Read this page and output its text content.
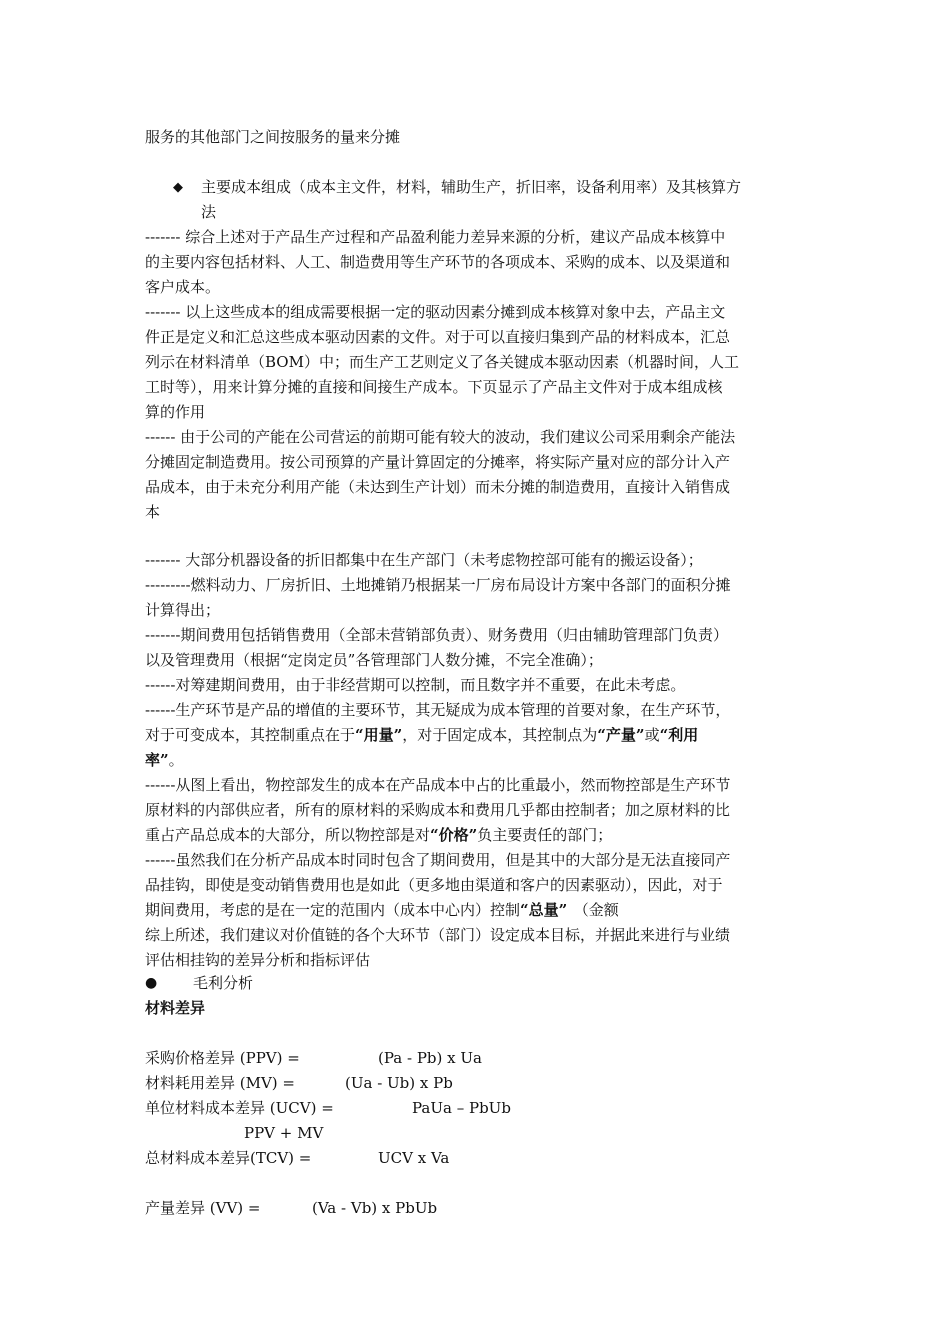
服务的其他部门之间按服务的量来分摊
◆ 主要成本组成（成本主文件，材料，辅助生产，折旧率，设备利用率）及其核算方
法
------- 综合上述对于产品生产过程和产品盈利能力差异来源的分析，建议产品成本核算中
的主要内容包括材料、人工、制造费用等生产环节的各项成本、采购的成本、以及渠道和
客户成本。
------- 以上这些成本的组成需要根据一定的驱动因素分摊到成本核算对象中去，产品主文
件正是定义和汇总这些成本驱动因素的文件。对于可以直接归集到产品的材料成本，汇总
列示在材料清单（BOM）中；而生产工艺则定义了各关键成本驱动因素（机器时间，人工
工时等），用来计算分摊的直接和间接生产成本。下页显示了产品主文件对于成本组成核
算的作用
------ 由于公司的产能在公司营运的前期可能有较大的波动，我们建议公司采用剩余产能法
分摊固定制造费用。按公司预算的产量计算固定的分摊率，将实际产量对应的部分计入产
品成本，由于未充分利用产能（未达到生产计划）而未分摊的制造费用，直接计入销售成
本
------- 大部分机器设备的折旧都集中在生产部门（未考虑物控部可能有的搬运设备）；
---------燃料动力、厂房折旧、土地摊销乃根据某一厂房布局设计方案中各部门的面积分摊
计算得出；
-------期间费用包括销售费用（全部未营销部负责）、财务费用（归由辅助管理部门负责）
以及管理费用（根据“定岗定员”各管理部门人数分摊，不完全准确）；
------对筹建期间费用，由于非经营期可以控制，而且数字并不重要，在此未考虑。
------生产环节是产品的增值的主要环节，其无疑成为成本管理的首要对象，在生产环节，
对于可变成本，其控制重点在于“用量”，对于固定成本，其控制点为“产量”或“利用
率”。
------从图上看出，物控部发生的成本在产品成本中占的比重最小，然而物控部是生产环节
原材料的内部供应者，所有的原材料的采购成本和费用几乎都由控制者；加之原材料的比
重占产品总成本的大部分，所以物控部是对“价格”负主要责任的部门；
------虽然我们在分析产品成本时同时包含了期间费用，但是其中的大部分是无法直接同产
品挂钩，即使是变动销售费用也是如此（更多地由渠道和客户的因素驱动），因此，对于
期间费用，考虑的是在一定的范围内（成本中心内）控制“总量” （金额
综上所述，我们建议对价值链的各个大环节（部门）设定成本目标，并据此来进行与业绩
评估相挂钩的差异分析和指标评估
● 毛利分析
材料差异
采购价格差异 (PPV) =	(Pa - Pb) x Ua
材料耗用差异 (MV) =	(Ua - Ub) x Pb
单位材料成本差异 (UCV) =	PaUa – PbUb
PPV + MV
总材料成本差异(TCV) =	UCV x Va
产量差异 (VV) =	(Va - Vb) x PbUb
